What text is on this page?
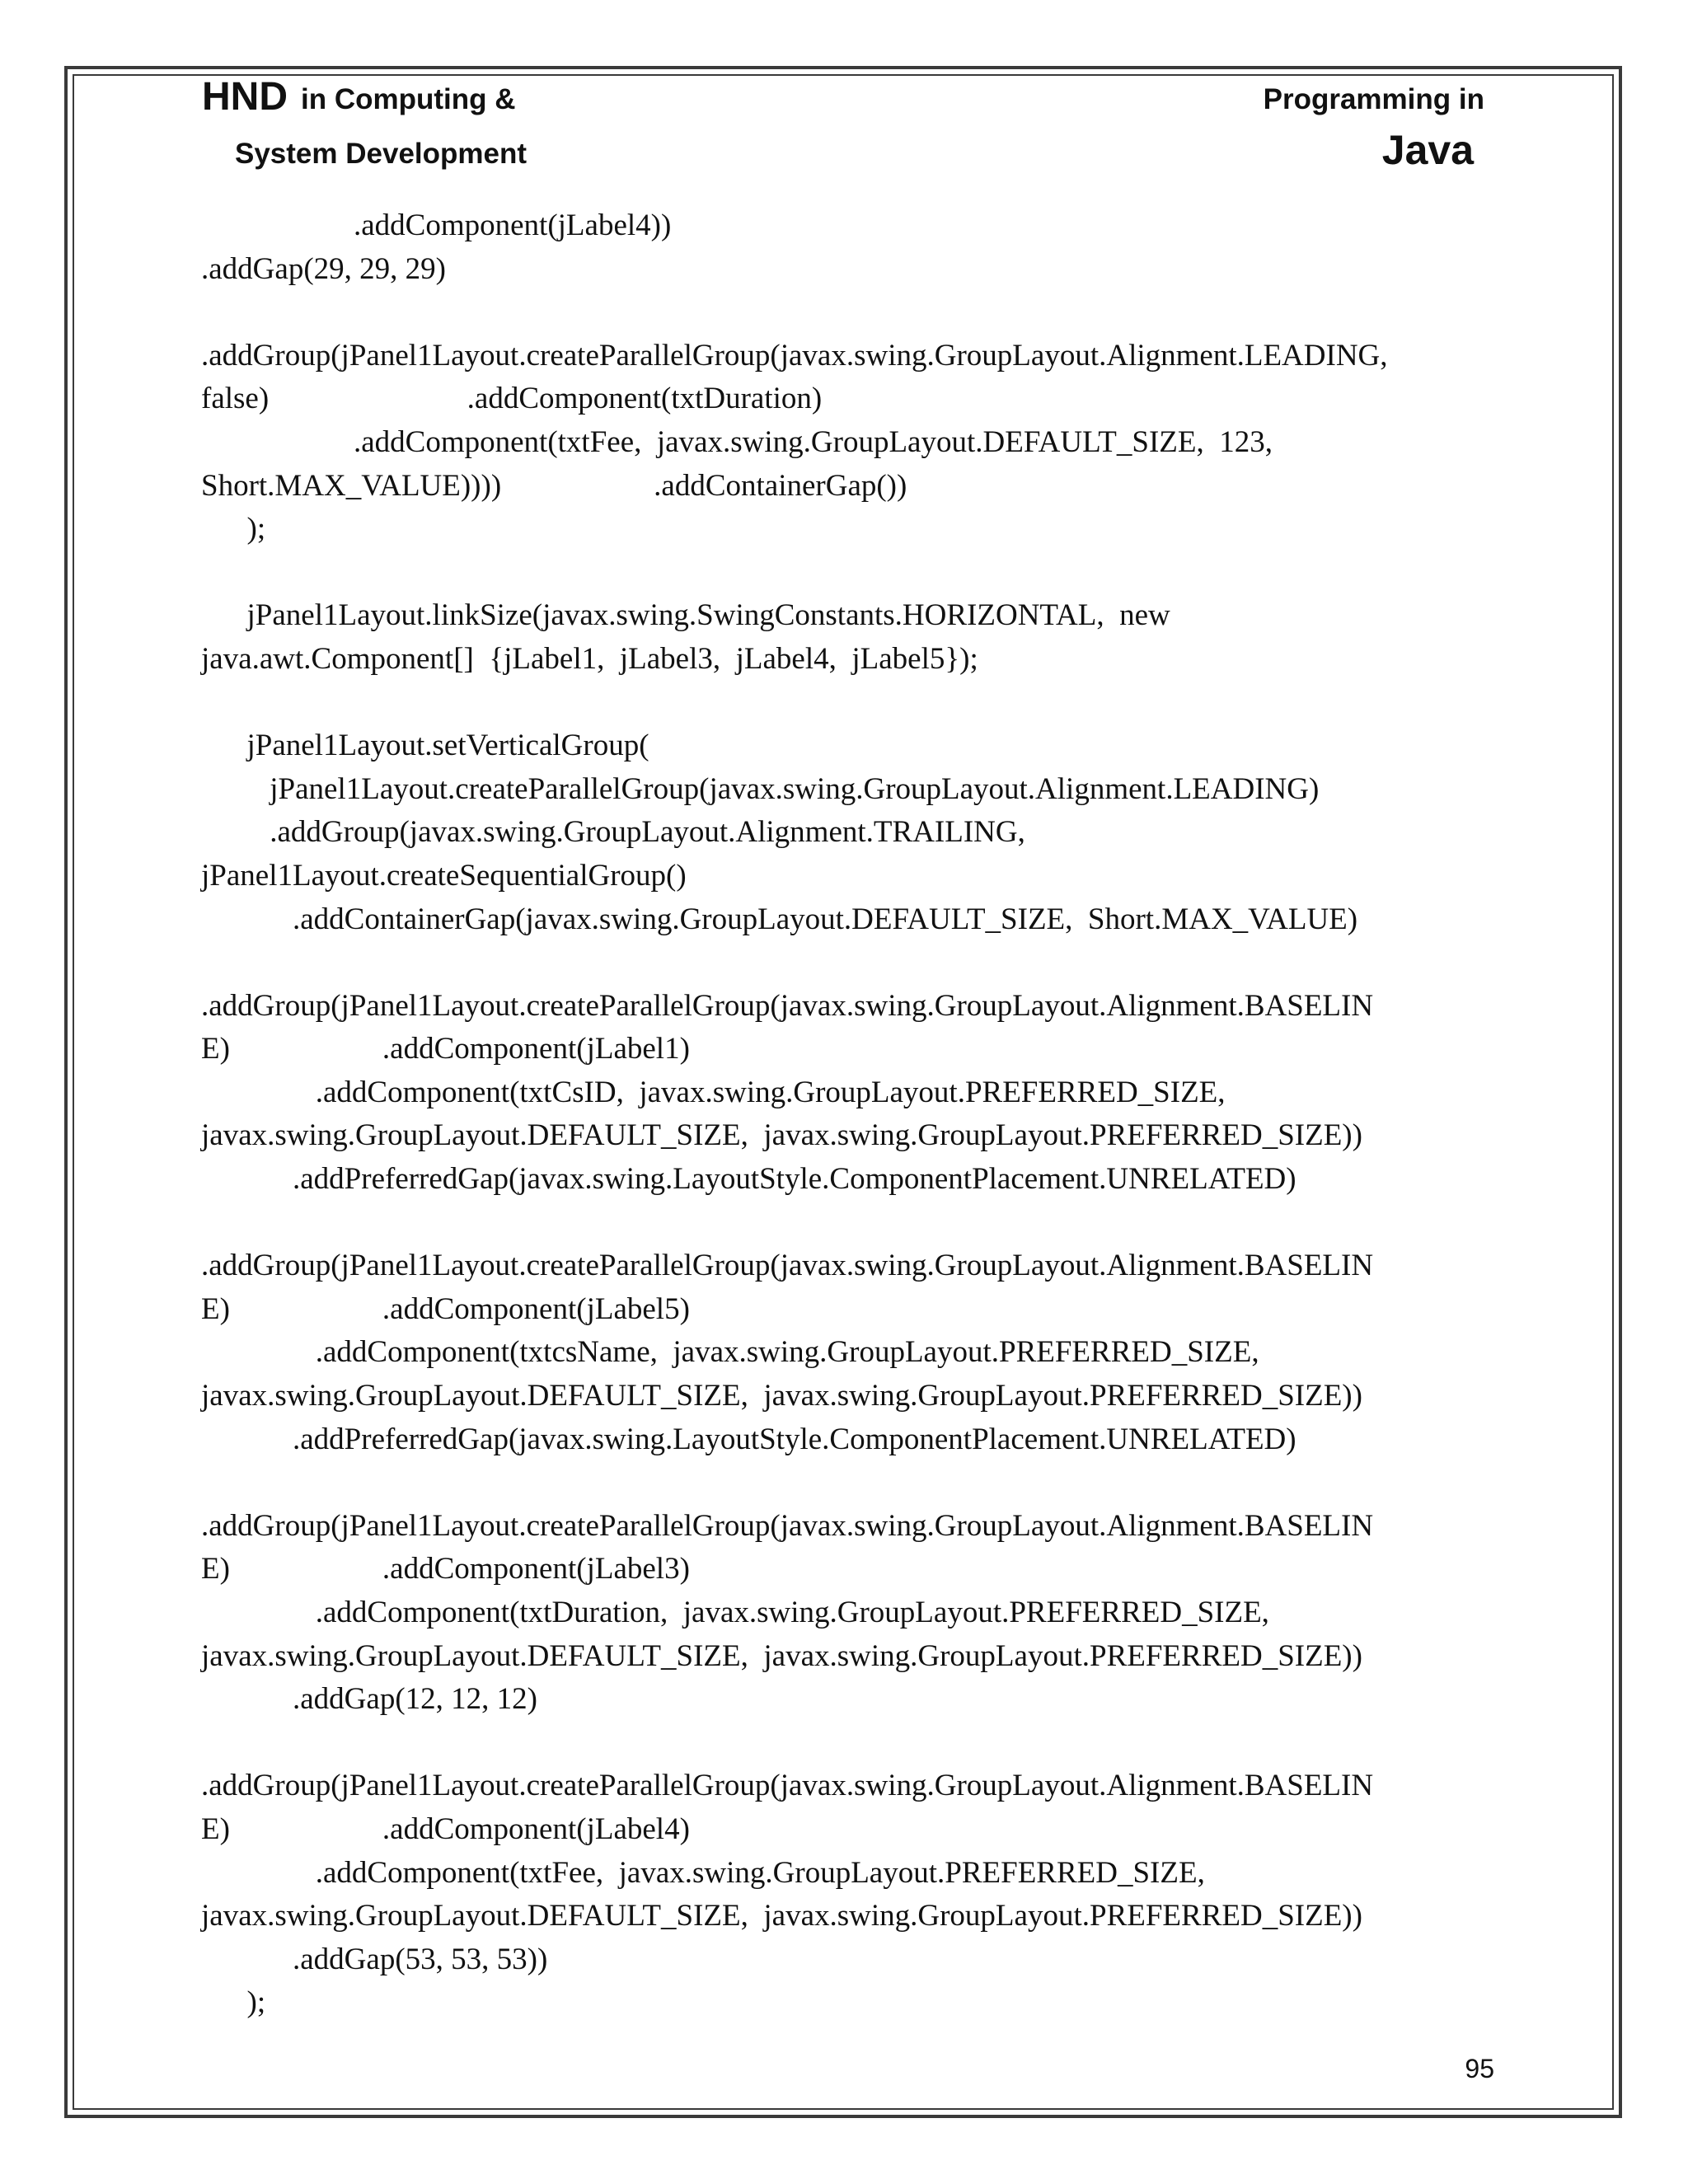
HND in Computing &
System Development
Programming in
Java
.addComponent(jLabel4))
.addGap(29, 29, 29)
.addGroup(jPanel1Layout.createParallelGroup(javax.swing.GroupLayout.Alignment.LEADING,
false)                          .addComponent(txtDuration)
.addComponent(txtFee,  javax.swing.GroupLayout.DEFAULT_SIZE,  123,
Short.MAX_VALUE))))                    .addContainerGap())
);
jPanel1Layout.linkSize(javax.swing.SwingConstants.HORIZONTAL,  new
java.awt.Component[]  {jLabel1,  jLabel3,  jLabel4,  jLabel5});
jPanel1Layout.setVerticalGroup(
jPanel1Layout.createParallelGroup(javax.swing.GroupLayout.Alignment.LEADING)
.addGroup(javax.swing.GroupLayout.Alignment.TRAILING,
jPanel1Layout.createSequentialGroup()
.addContainerGap(javax.swing.GroupLayout.DEFAULT_SIZE,  Short.MAX_VALUE)
.addGroup(jPanel1Layout.createParallelGroup(javax.swing.GroupLayout.Alignment.BASELIN
E)                    .addComponent(jLabel1)
.addComponent(txtCsID,  javax.swing.GroupLayout.PREFERRED_SIZE,
javax.swing.GroupLayout.DEFAULT_SIZE,  javax.swing.GroupLayout.PREFERRED_SIZE))
.addPreferredGap(javax.swing.LayoutStyle.ComponentPlacement.UNRELATED)
.addGroup(jPanel1Layout.createParallelGroup(javax.swing.GroupLayout.Alignment.BASELIN
E)                    .addComponent(jLabel5)
.addComponent(txtcsName,  javax.swing.GroupLayout.PREFERRED_SIZE,
javax.swing.GroupLayout.DEFAULT_SIZE,  javax.swing.GroupLayout.PREFERRED_SIZE))
.addPreferredGap(javax.swing.LayoutStyle.ComponentPlacement.UNRELATED)
.addGroup(jPanel1Layout.createParallelGroup(javax.swing.GroupLayout.Alignment.BASELIN
E)                    .addComponent(jLabel3)
.addComponent(txtDuration,  javax.swing.GroupLayout.PREFERRED_SIZE,
javax.swing.GroupLayout.DEFAULT_SIZE,  javax.swing.GroupLayout.PREFERRED_SIZE))
.addGap(12, 12, 12)
.addGroup(jPanel1Layout.createParallelGroup(javax.swing.GroupLayout.Alignment.BASELIN
E)                    .addComponent(jLabel4)
.addComponent(txtFee,  javax.swing.GroupLayout.PREFERRED_SIZE,
javax.swing.GroupLayout.DEFAULT_SIZE,  javax.swing.GroupLayout.PREFERRED_SIZE))
.addGap(53, 53, 53))
);
95
